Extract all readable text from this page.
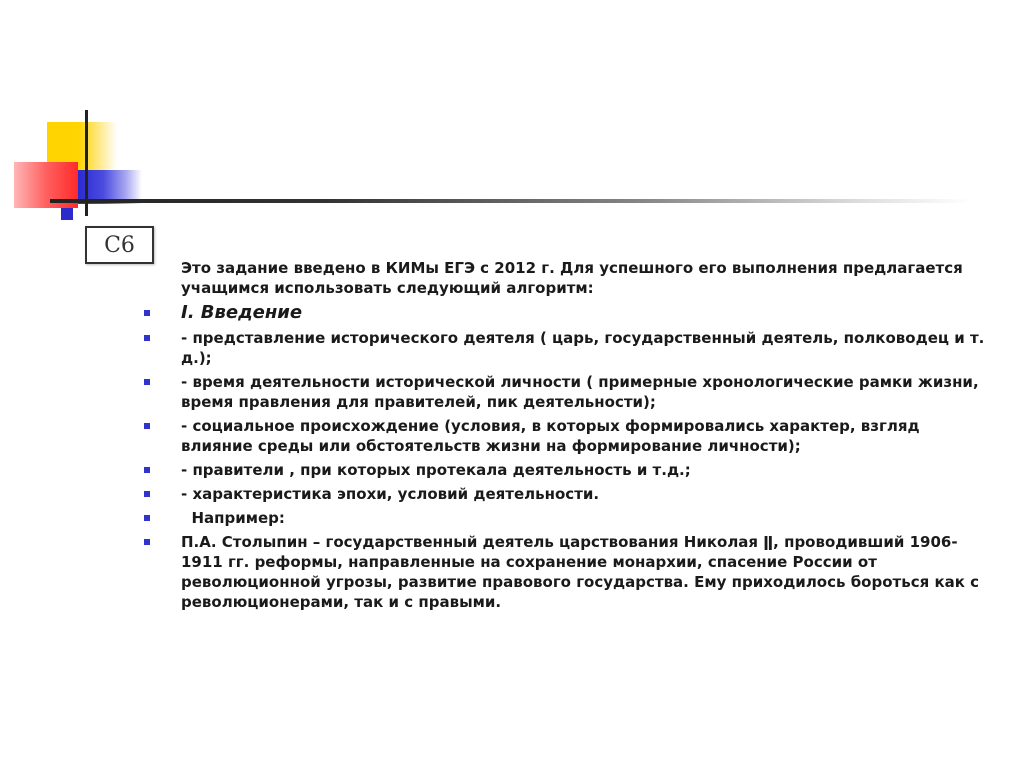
С6

Это задание введено в КИМы ЕГЭ с 2012 г. Для успешного его выполнения предлагается учащимся использовать следующий алгоритм:

I. Введение
- представление исторического деятеля ( царь, государственный деятель, полководец и т. д.);
- время деятельности исторической личности ( примерные хронологические рамки жизни, время правления для правителей, пик деятельности);
- социальное происхождение (условия, в которых формировались характер, взгляд влияние среды или обстоятельств жизни на формирование личности);
- правители , при которых протекала деятельность и т.д.;
- характеристика эпохи, условий деятельности.
Например:
П.А. Столыпин – государственный деятель царствования Николая ǁ, проводивший 1906-1911 гг. реформы, направленные на сохранение монархии, спасение России от революционной угрозы, развитие правового государства. Ему приходилось бороться как с революционерами, так и с правыми.
